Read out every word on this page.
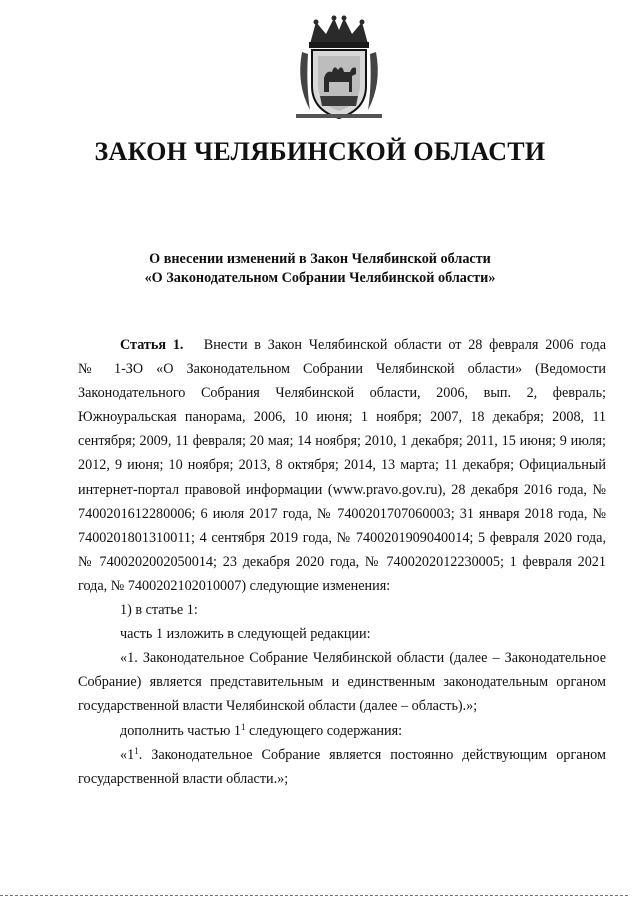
ЗАКОН ЧЕЛЯБИНСКОЙ ОБЛАСТИ
О внесении изменений в Закон Челябинской области
«О Законодательном Собрании Челябинской области»

Статья 1. Внести в Закон Челябинской области от 28 февраля 2006 года

№ 1-ЗО «О Законодательном Собрании Челябинской области» (Ведомости Законодательного Собрания Челябинской области, 2006, вып. 2, февраль; Южноуральская панорама, 2006, 10 июня; 1 ноября; 2007, 18 декабря; 2008, 11 сентября; 2009, 11 февраля; 20 мая; 14 ноября; 2010, 1 декабря; 2011, 15 июня; 9 июля; 2012, 9 июня; 10 ноября; 2013, 8 октября; 2014, 13 марта; 11 декабря; Официальный интернет-портал правовой информации (www.pravo.gov.ru), 28 декабря 2016 года, № 7400201612280006; 6 июля 2017 года, № 7400201707060003; 31 января 2018 года, № 7400201801310011; 4 сентября 2019 года, № 7400201909040014; 5 февраля 2020 года, № 7400202002050014; 23 декабря 2020 года, № 7400202012230005; 1 февраля 2021 года, № 7400202102010007) следующие изменения:

1) в статье 1:

часть 1 изложить в следующей редакции:

«1. Законодательное Собрание Челябинской области (далее – Законодательное Собрание) является представительным и единственным законодательным органом государственной власти Челябинской области (далее – область).»;

дополнить частью $1^1$ следующего содержания:

«$1^1$. Законодательное Собрание является постоянно действующим органом государственной власти области.»;
